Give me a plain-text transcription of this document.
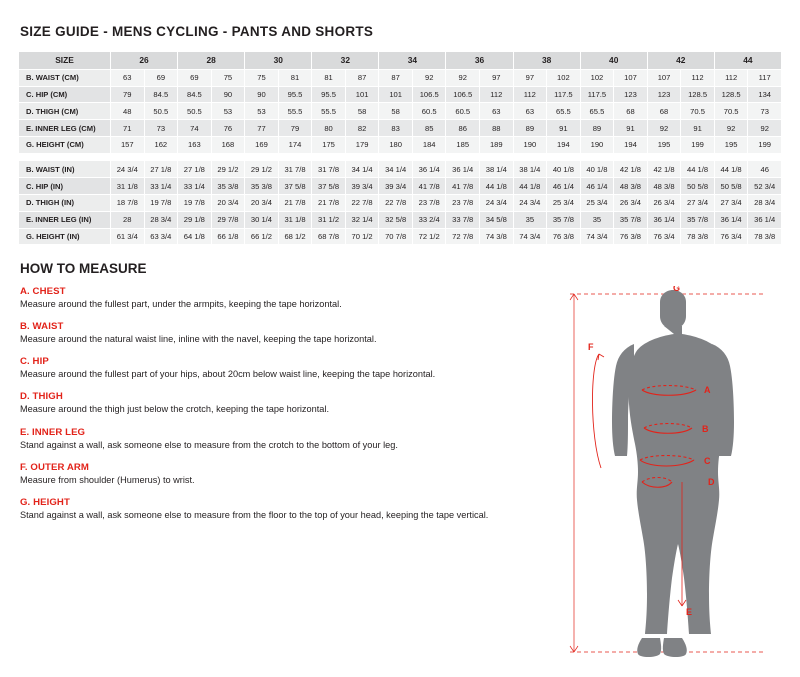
SIZE GUIDE - MENS CYCLING - PANTS AND SHORTS
SIZE	26		28		30		32		34		36		38		40		42		44	
B. WAIST (CM)	63	69	69	75	75	81	81	87	87	92	92	97	97	102	102	107	107	112	112	117
C. HIP (CM)	79	84.5	84.5	90	90	95.5	95.5	101	101	106.5	106.5	112	112	117.5	117.5	123	123	128.5	128.5	134
D. THIGH (CM)	48	50.5	50.5	53	53	55.5	55.5	58	58	60.5	60.5	63	63	65.5	65.5	68	68	70.5	70.5	73
E. INNER LEG (CM)	71	73	74	76	77	79	80	82	83	85	86	88	89	91	89	91	92	91	92	92
G. HEIGHT (CM)	157	162	163	168	169	174	175	179	180	184	185	189	190	194	190	194	195	199	195	199

B. WAIST (IN)	24 3/4	27 1/8	27 1/8	29 1/2	29 1/2	31 7/8	31 7/8	34 1/4	34 1/4	36 1/4	36 1/4	38 1/4	38 1/4	40 1/8	40 1/8	42 1/8	42 1/8	44 1/8	44 1/8	46
C. HIP (IN)	31 1/8	33 1/4	33 1/4	35 3/8	35 3/8	37 5/8	37 5/8	39 3/4	39 3/4	41 7/8	41 7/8	44 1/8	44 1/8	46 1/4	46 1/4	48 3/8	48 3/8	50 5/8	50 5/8	52 3/4
D. THIGH (IN)	18 7/8	19 7/8	19 7/8	20 3/4	20 3/4	21 7/8	21 7/8	22 7/8	22 7/8	23 7/8	23 7/8	24 3/4	24 3/4	25 3/4	25 3/4	26 3/4	26 3/4	27 3/4	27 3/4	28 3/4
E. INNER LEG (IN)	28	28 3/4	29 1/8	29 7/8	30 1/4	31 1/8	31 1/2	32 1/4	32 5/8	33 2/4	33 7/8	34 5/8	35	35 7/8	35	35 7/8	36 1/4	35 7/8	36 1/4	36 1/4
G. HEIGHT (IN)	61 3/4	63 3/4	64 1/8	66 1/8	66 1/2	68 1/2	68 7/8	70 1/2	70 7/8	72 1/2	72 7/8	74 3/8	74 3/4	76 3/8	74 3/4	76 3/8	76 3/4	78 3/8	76 3/4	78 3/8
HOW TO MEASURE
A. CHEST
Measure around the fullest part, under the armpits, keeping the tape horizontal.
B. WAIST
Measure around the natural waist line, inline with the navel, keeping the tape horizontal.
C. HIP
Measure around the fullest part of your hips, about 20cm below waist line, keeping the tape horizontal.
D. THIGH
Measure around the thigh just below the crotch, keeping the tape horizontal.
E. INNER LEG
Stand against a wall, ask someone else to measure from the crotch to the bottom of your leg.
F. OUTER ARM
Measure from shoulder (Humerus) to wrist.
G. HEIGHT
Stand against a wall, ask someone else to measure from the floor to the top of your head, keeping the tape vertical.
A
B
C
D
E
F
G
